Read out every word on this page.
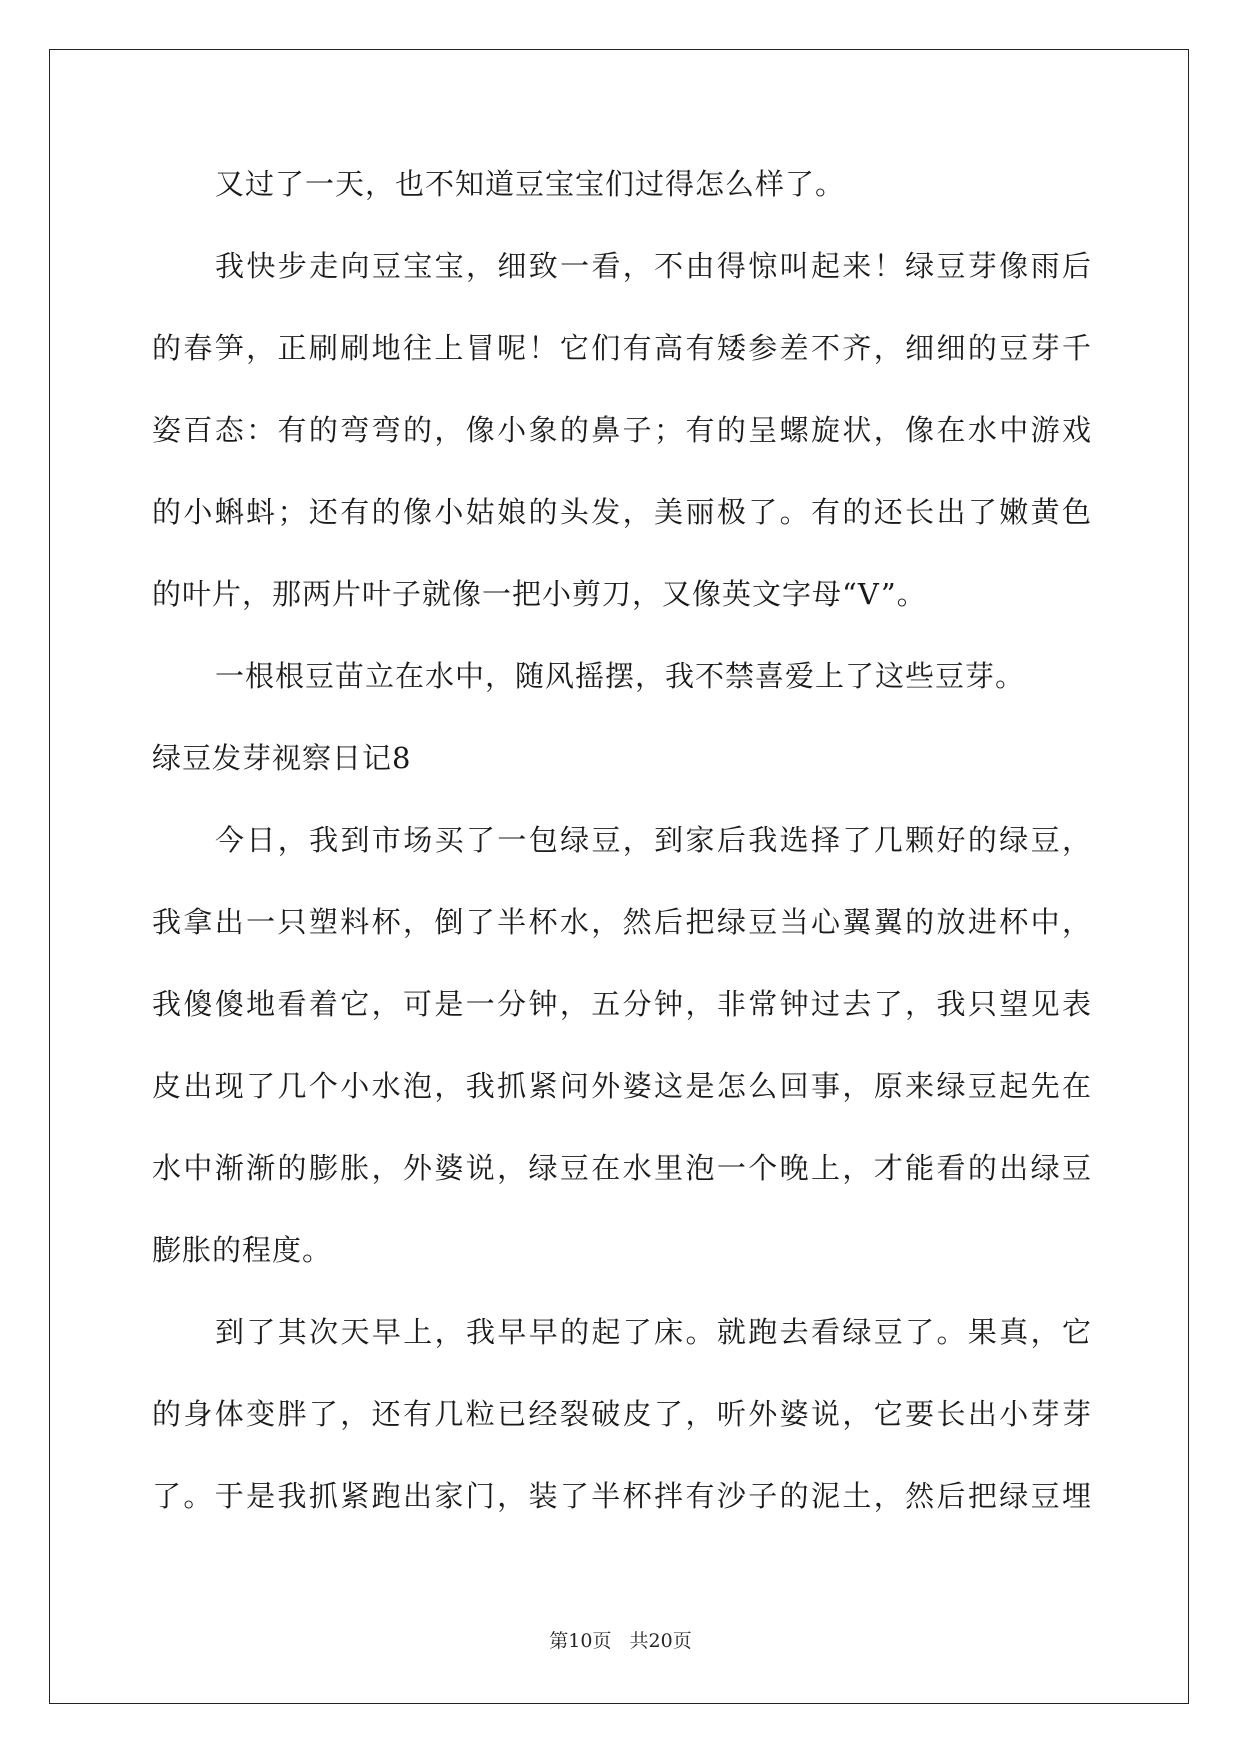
又过了一天，也不知道豆宝宝们过得怎么样了。
我快步走向豆宝宝，细致一看，不由得惊叫起来！绿豆芽像雨后
的春笋，正刷刷地往上冒呢！它们有高有矮参差不齐，细细的豆芽千
姿百态：有的弯弯的，像小象的鼻子；有的呈螺旋状，像在水中游戏
的小蝌蚪；还有的像小姑娘的头发，美丽极了。有的还长出了嫩黄色
的叶片，那两片叶子就像一把小剪刀，又像英文字母“V”。
一根根豆苗立在水中，随风摇摆，我不禁喜爱上了这些豆芽。
绿豆发芽视察日记8
今日，我到市场买了一包绿豆，到家后我选择了几颗好的绿豆，
我拿出一只塑料杯，倒了半杯水，然后把绿豆当心翼翼的放进杯中，
我傻傻地看着它，可是一分钟，五分钟，非常钟过去了，我只望见表
皮出现了几个小水泡，我抓紧问外婆这是怎么回事，原来绿豆起先在
水中渐渐的膨胀，外婆说，绿豆在水里泡一个晚上，才能看的出绿豆
膨胀的程度。
到了其次天早上，我早早的起了床。就跑去看绿豆了。果真，它
的身体变胖了，还有几粒已经裂破皮了，听外婆说，它要长出小芽芽
了。于是我抓紧跑出家门，装了半杯拌有沙子的泥土，然后把绿豆埋
第10页 共20页
